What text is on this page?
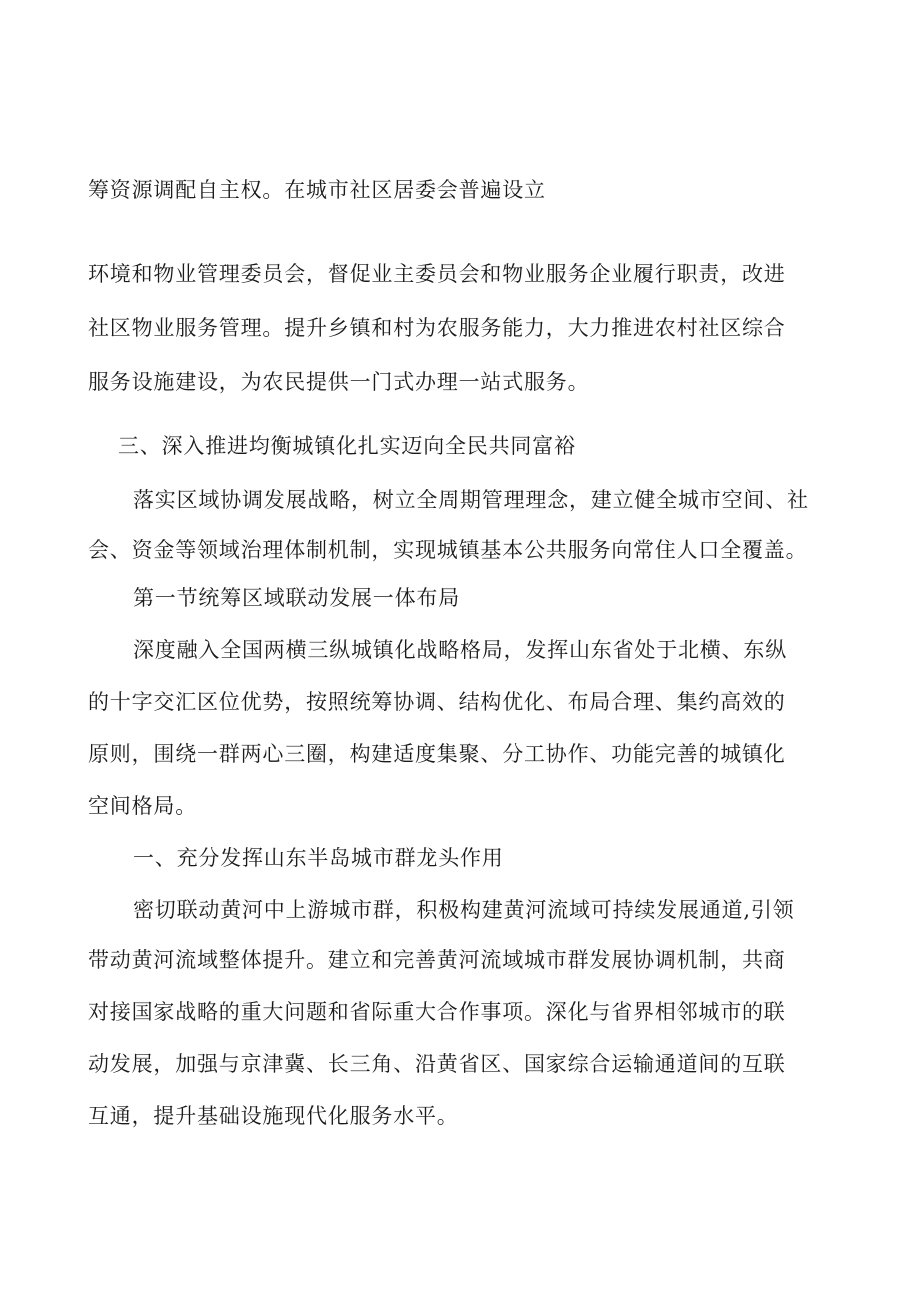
筹资源调配自主权。在城市社区居委会普遍设立

环境和物业管理委员会，督促业主委员会和物业服务企业履行职责，改进

社区物业服务管理。提升乡镇和村为农服务能力，大力推进农村社区综合

服务设施建设，为农民提供一门式办理一站式服务。

三、深入推进均衡城镇化扎实迈向全民共同富裕

落实区域协调发展战略，树立全周期管理理念，建立健全城市空间、社

会、资金等领域治理体制机制，实现城镇基本公共服务向常住人口全覆盖。

第一节统筹区域联动发展一体布局

深度融入全国两横三纵城镇化战略格局，发挥山东省处于北横、东纵

的十字交汇区位优势，按照统筹协调、结构优化、布局合理、集约高效的

原则，围绕一群两心三圈，构建适度集聚、分工协作、功能完善的城镇化

空间格局。

一、充分发挥山东半岛城市群龙头作用

密切联动黄河中上游城市群，积极构建黄河流域可持续发展通道,引领

带动黄河流域整体提升。建立和完善黄河流域城市群发展协调机制，共商

对接国家战略的重大问题和省际重大合作事项。深化与省界相邻城市的联

动发展，加强与京津冀、长三角、沿黄省区、国家综合运输通道间的互联

互通，提升基础设施现代化服务水平。
